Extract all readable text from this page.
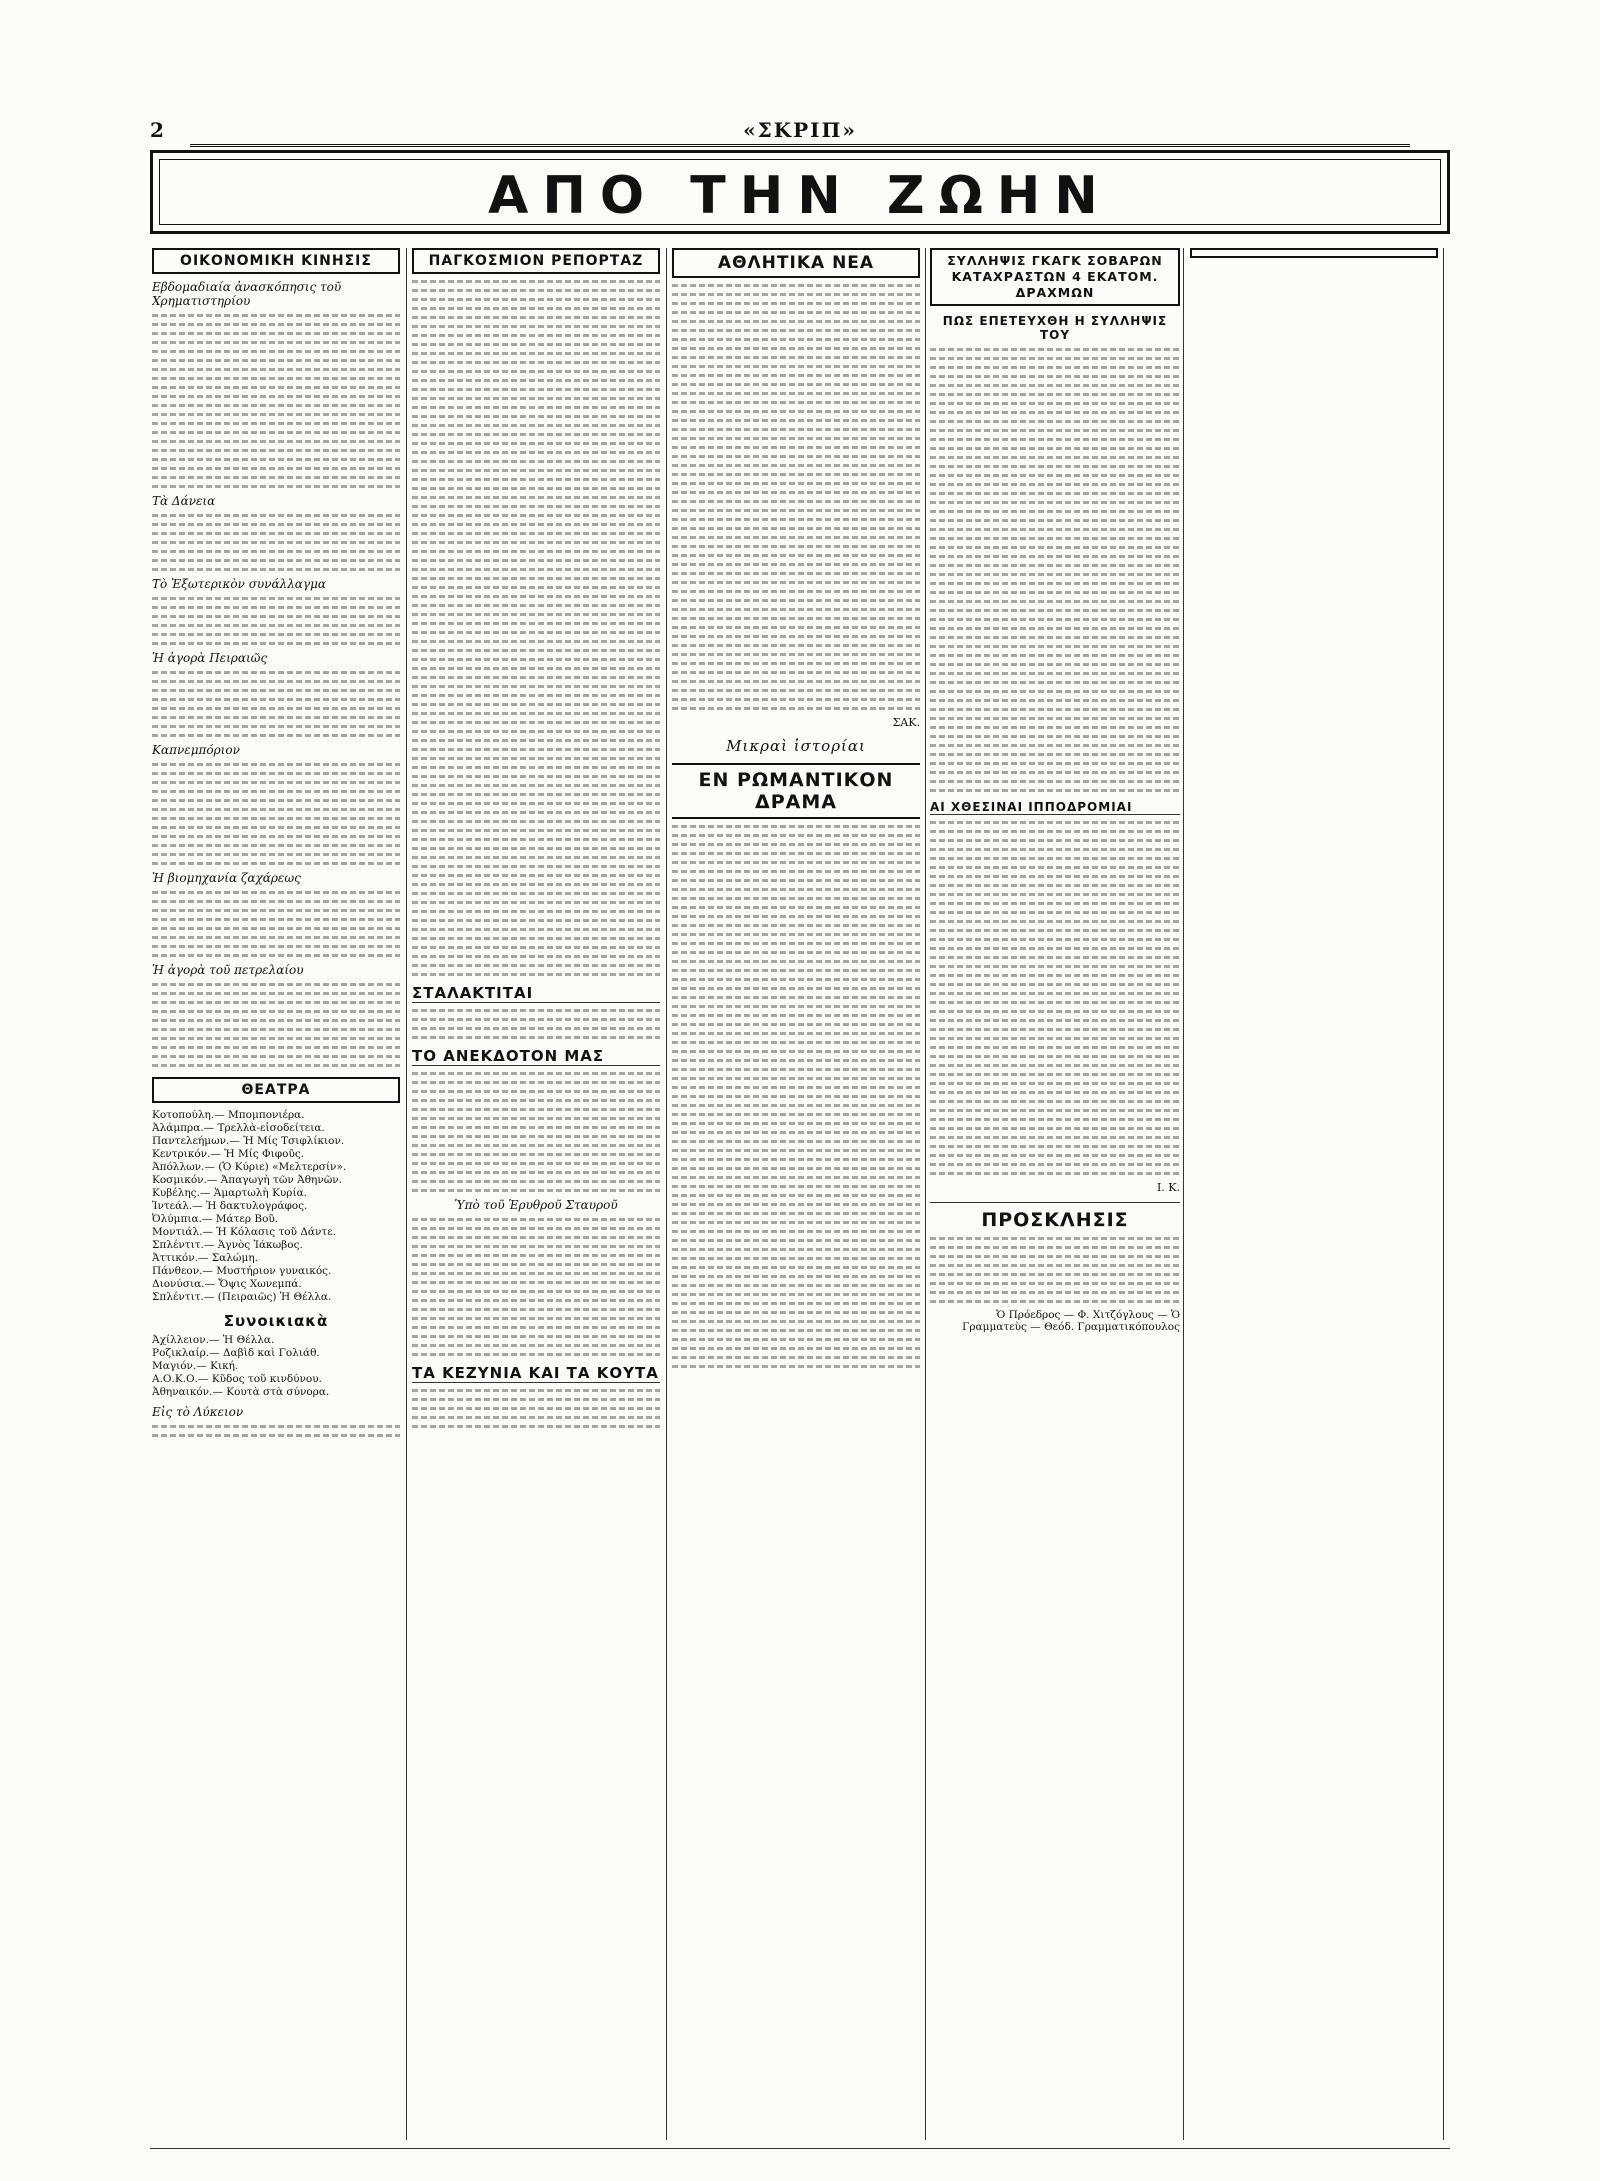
2	«ΣΚΡΙΠ»
ΑΠΟ ΤΗΝ ΖΩΗΝ
ΟΙΚΟΝΟΜΙΚΗ ΚΙΝΗΣΙΣ
Εβδομαδιαία ἀνασκόπησις τοῦ Χρηματιστηρίου
Τὰ Δάνεια
Τὸ Ἐξωτερικὸν συνάλλαγμα
Ἡ ἀγορὰ Πειραιῶς
Καπνεμπόριον
Ἡ βιομηχανία ζαχάρεως
Ἡ ἀγορὰ τοῦ πετρελαίου
ΘΕΑΤΡΑ
Κοτοπούλη.— Μπομπονιέρα.
Ἀλάμπρα.— Τρελλὰ-εἰσοδείτεια.
Παντελεήμων.— Ἡ Μίς Τσιφλίκιον.
Κεντρικόν.— Ἡ Μίς Φιφοῦς.
Ἀπόλλων.— (Ὁ Κύριε) «Μελτερσίν».
Κοσμικόν.— Ἀπαγωγὴ τῶν Ἀθηνῶν.
Κυβέλης.— Ἁμαρτωλὴ Κυρία.
Ἰντεάλ.— Ἡ δακτυλογράφος.
Ὀλύμπια.— Μάτερ Βοῦ.
Μοντιάλ.— Ἡ Κόλασις τοῦ Δάντε.
Σπλέντιτ.— Ἀγνὸς Ἰάκωβος.
Ἀττικόν.— Σαλώμη.
Πάνθεον.— Μυστήριον γυναικός.
Διονύσια.— Ὄψις Χωνεμπά.
Σπλέντιτ.— (Πειραιῶς) Ἡ Θέλλα.
Συνοικιακὰ
Ἀχίλλειον.— Ἡ Θέλλα.
Ροζικλαίρ.— Δαβὶδ καὶ Γολιάθ.
Μαγιόν.— Κική.
Α.Ο.Κ.Ο.— Κῦδος τοῦ κινδύνου.
Ἀθηναικόν.— Κουτὰ στὰ σύνορα.
Εἰς τὸ Λύκειον
ΠΑΓΚΟΣΜΙΟΝ ΡΕΠΟΡΤΑΖ
ΣΤΑΛΑΚΤΙΤΑΙ
ΤΟ ΑΝΕΚΔΟΤΟΝ ΜΑΣ
Ὑπὸ τοῦ Ἑρυθροῦ Σταυροῦ
ΤΑ ΚΕΖΥΝΙΑ ΚΑΙ ΤΑ ΚΟΥΤΑ
ΑΘΛΗΤΙΚΑ ΝΕΑ
ΣΑΚ.
Μικραὶ ἱστορίαι
ΕΝ ΡΩΜΑΝΤΙΚΟΝ ΔΡΑΜΑ
ΣΥΛΛΗΨΙΣ ΓΚΑΓΚ ΣΟΒΑΡΩΝ ΚΑΤΑΧΡΑΣΤΩΝ 4 ΕΚΑΤΟΜ. ΔΡΑΧΜΩΝ
ΠΩΣ ΕΠΕΤΕΥΧΘΗ Η ΣΥΛΛΗΨΙΣ ΤΟΥ
ΑΙ ΧΘΕΣΙΝΑΙ ΙΠΠΟΔΡΟΜΙΑΙ
Ι. Κ.
ΠΡΟΣΚΛΗΣΙΣ
Ὁ Πρόεδρος — Φ. Χιτζόγλους — Ὁ Γραμματεὺς — Θεόδ. Γραμματικόπουλος
